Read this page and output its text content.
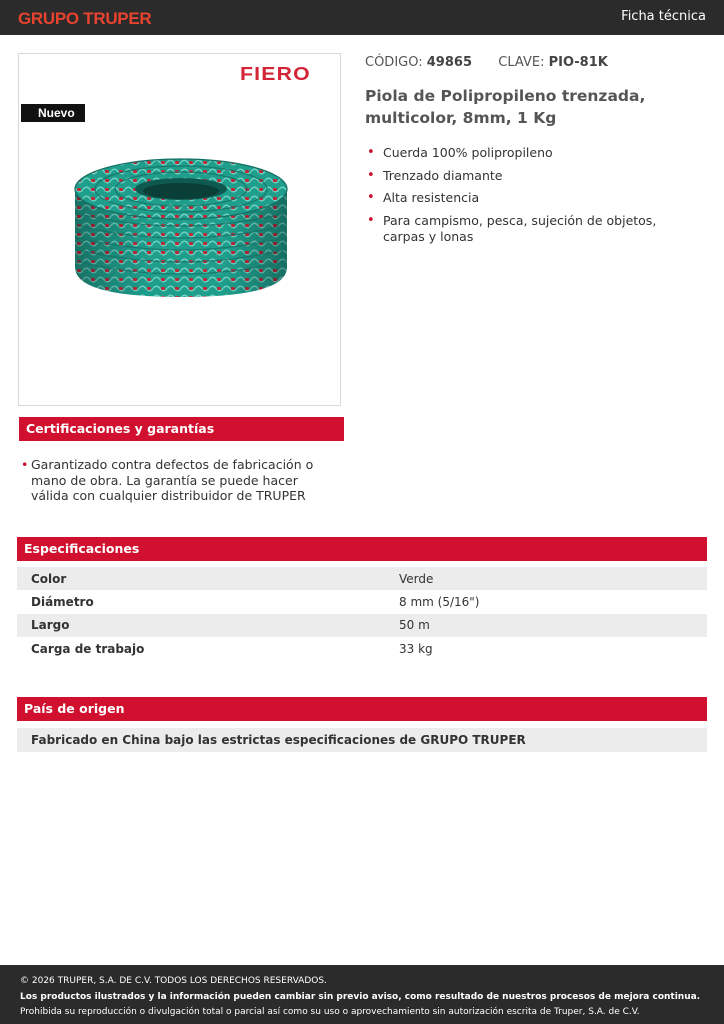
GRUPO TRUPER	Ficha técnica
FIERO
Nuevo
CÓDIGO: 49865 CLAVE: PIO-81K
Piola de Polipropileno trenzada, multicolor, 8mm, 1 Kg
• Cuerda 100% polipropileno
• Trenzado diamante
• Alta resistencia
• Para campismo, pesca, sujeción de objetos, carpas y lonas
Certificaciones y garantías
• Garantizado contra defectos de fabricación o mano de obra. La garantía se puede hacer válida con cualquier distribuidor de TRUPER
Especificaciones
Color	Verde
Diámetro	8 mm (5/16")
Largo	50 m
Carga de trabajo	33 kg
País de origen
Fabricado en China bajo las estrictas especificaciones de GRUPO TRUPER
© 2026 TRUPER, S.A. DE C.V. TODOS LOS DERECHOS RESERVADOS.
Los productos ilustrados y la información pueden cambiar sin previo aviso, como resultado de nuestros procesos de mejora continua.
Prohibida su reproducción o divulgación total o parcial así como su uso o aprovechamiento sin autorización escrita de Truper, S.A. de C.V.
